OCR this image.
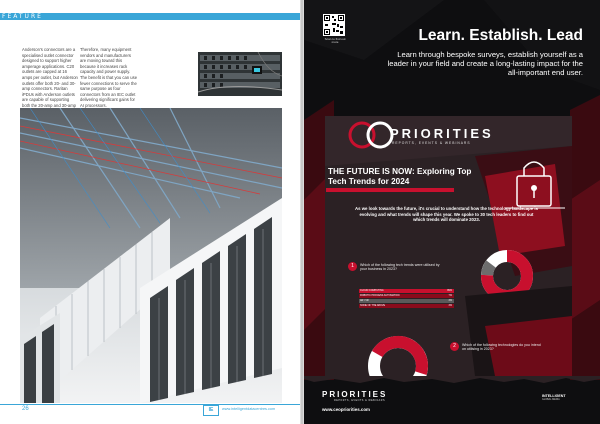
FEATURE

Anderson's connectors are a specialised outlet connector designed to support higher amperage applications. C20 outlets are capped at 16 amps per outlet, but Anderson outlets offer both 20- and 30-amp connectors. Raritan iPDUs with Anderson outlets are capable of supporting both the 20-amp and 30-amp

Therefore, many equipment vendors and manufacturers are moving toward this because it increases rack capacity and power supply. The benefit is that you can use fewer connections to serve the same purpose as four connectors from an IEC outlet delivering significant gains for AI processors.

26	IE	www.intelligentdatacentres.com
Scan to find out more	Learn. Establish. Lead
Learn through bespoke surveys, establish yourself as a leader in your field and create a long-lasting impact for the all-important end user.
PRIORITIES
REPORTS, EVENTS & WEBINARS
THE FUTURE IS NOW: Exploring Top
Tech Trends for 2024
As we look towards the future, it's crucial to understand how the technology landscape is evolving and what trends will shape this year. We spoke to 30 tech leaders to find out which trends will dominate 2023.
1	Which of the following tech trends were utilised by your business in 2023?
CLOUD COMPUTING	89%
ROBOTIC PROCESS AUTOMATION	7%
AR / VR	3%
NONE OF THE ABOVE	3%
2	Which of the following technologies do you intend on utilising in 2023?
PRIORITIES
REPORTS, EVENTS & WEBINARS
www.ceopriorities.com
INTELLIGENT
GLOBAL MEDIA
